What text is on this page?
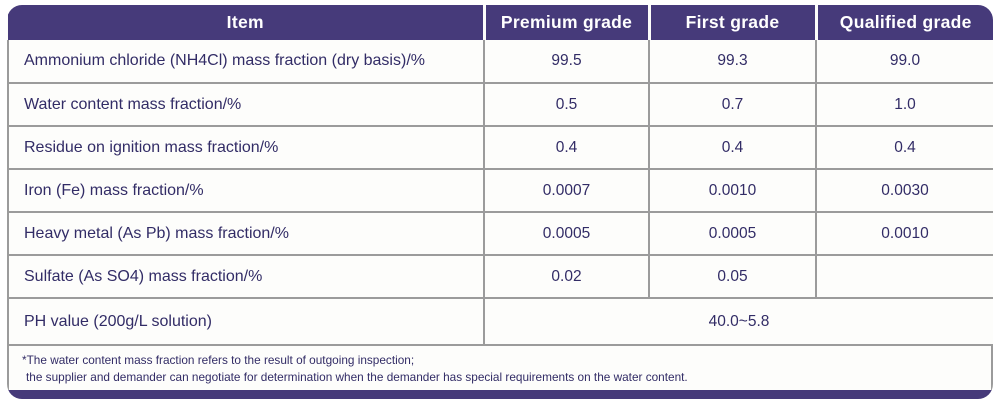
Item	Premium grade	First grade	Qualified grade
Ammonium chloride (NH4Cl) mass fraction (dry basis)/%	99.5	99.3	99.0
Water content mass fraction/%	0.5	0.7	1.0
Residue on ignition mass fraction/%	0.4	0.4	0.4
Iron (Fe) mass fraction/%	0.0007	0.0010	0.0030
Heavy metal (As Pb) mass fraction/%	0.0005	0.0005	0.0010
Sulfate (As SO4) mass fraction/%	0.02	0.05	
PH value (200g/L solution)	40.0~5.8		
*The water content mass fraction refers to the result of outgoing inspection;
the supplier and demander can negotiate for determination when the demander has special requirements on the water content.
